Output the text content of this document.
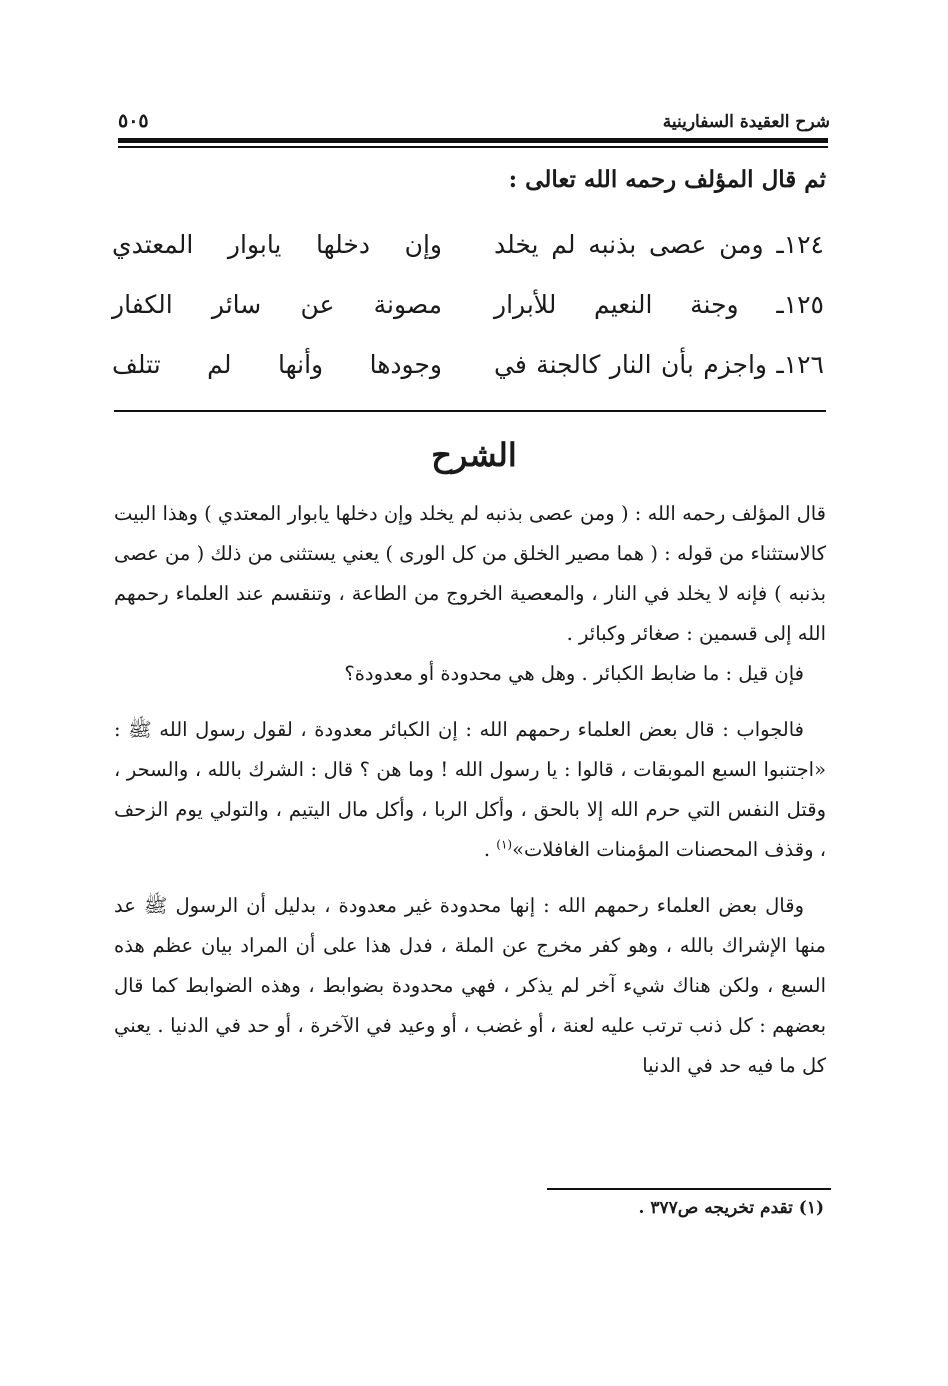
شرح العقيدة السفارينية
٥٠٥
ثم قال المؤلف رحمه الله تعالى :
١٢٤ـ ومن عصى بذنبه لم يخلد
وإن دخلها يابوار المعتدي
١٢٥ـ وجنة النعيم للأبرار
مصونة عن سائر الكفار
١٢٦ـ واجزم بأن النار كالجنة في
وجودها وأنها لم تتلف
الشرح

قال المؤلف رحمه الله : ( ومن عصى بذنبه لم يخلد وإن دخلها يابوار المعتدي ) وهذا البيت كالاستثناء من قوله : ( هما مصير الخلق من كل الورى ) يعني يستثنى من ذلك ( من عصى بذنبه ) فإنه لا يخلد في النار ، والمعصية الخروج من الطاعة ، وتنقسم عند العلماء رحمهم الله إلى قسمين : صغائر وكبائر .

فإن قيل : ما ضابط الكبائر . وهل هي محدودة أو معدودة؟

فالجواب : قال بعض العلماء رحمهم الله : إن الكبائر معدودة ، لقول رسول الله ﷺ : «اجتنبوا السبع الموبقات ، قالوا : يا رسول الله ! وما هن ؟ قال : الشرك بالله ، والسحر ، وقتل النفس التي حرم الله إلا بالحق ، وأكل الربا ، وأكل مال اليتيم ، والتولي يوم الزحف ، وقذف المحصنات المؤمنات الغافلات»$^{(١)}$ .

وقال بعض العلماء رحمهم الله : إنها محدودة غير معدودة ، بدليل أن الرسول ﷺ عد منها الإشراك بالله ، وهو كفر مخرج عن الملة ، فدل هذا على أن المراد بيان عظم هذه السبع ، ولكن هناك شيء آخر لم يذكر ، فهي محدودة بضوابط ، وهذه الضوابط كما قال بعضهم : كل ذنب ترتب عليه لعنة ، أو غضب ، أو وعيد في الآخرة ، أو حد في الدنيا . يعني كل ما فيه حد في الدنيا

(١) تقدم تخريجه ص٣٧٧ .
